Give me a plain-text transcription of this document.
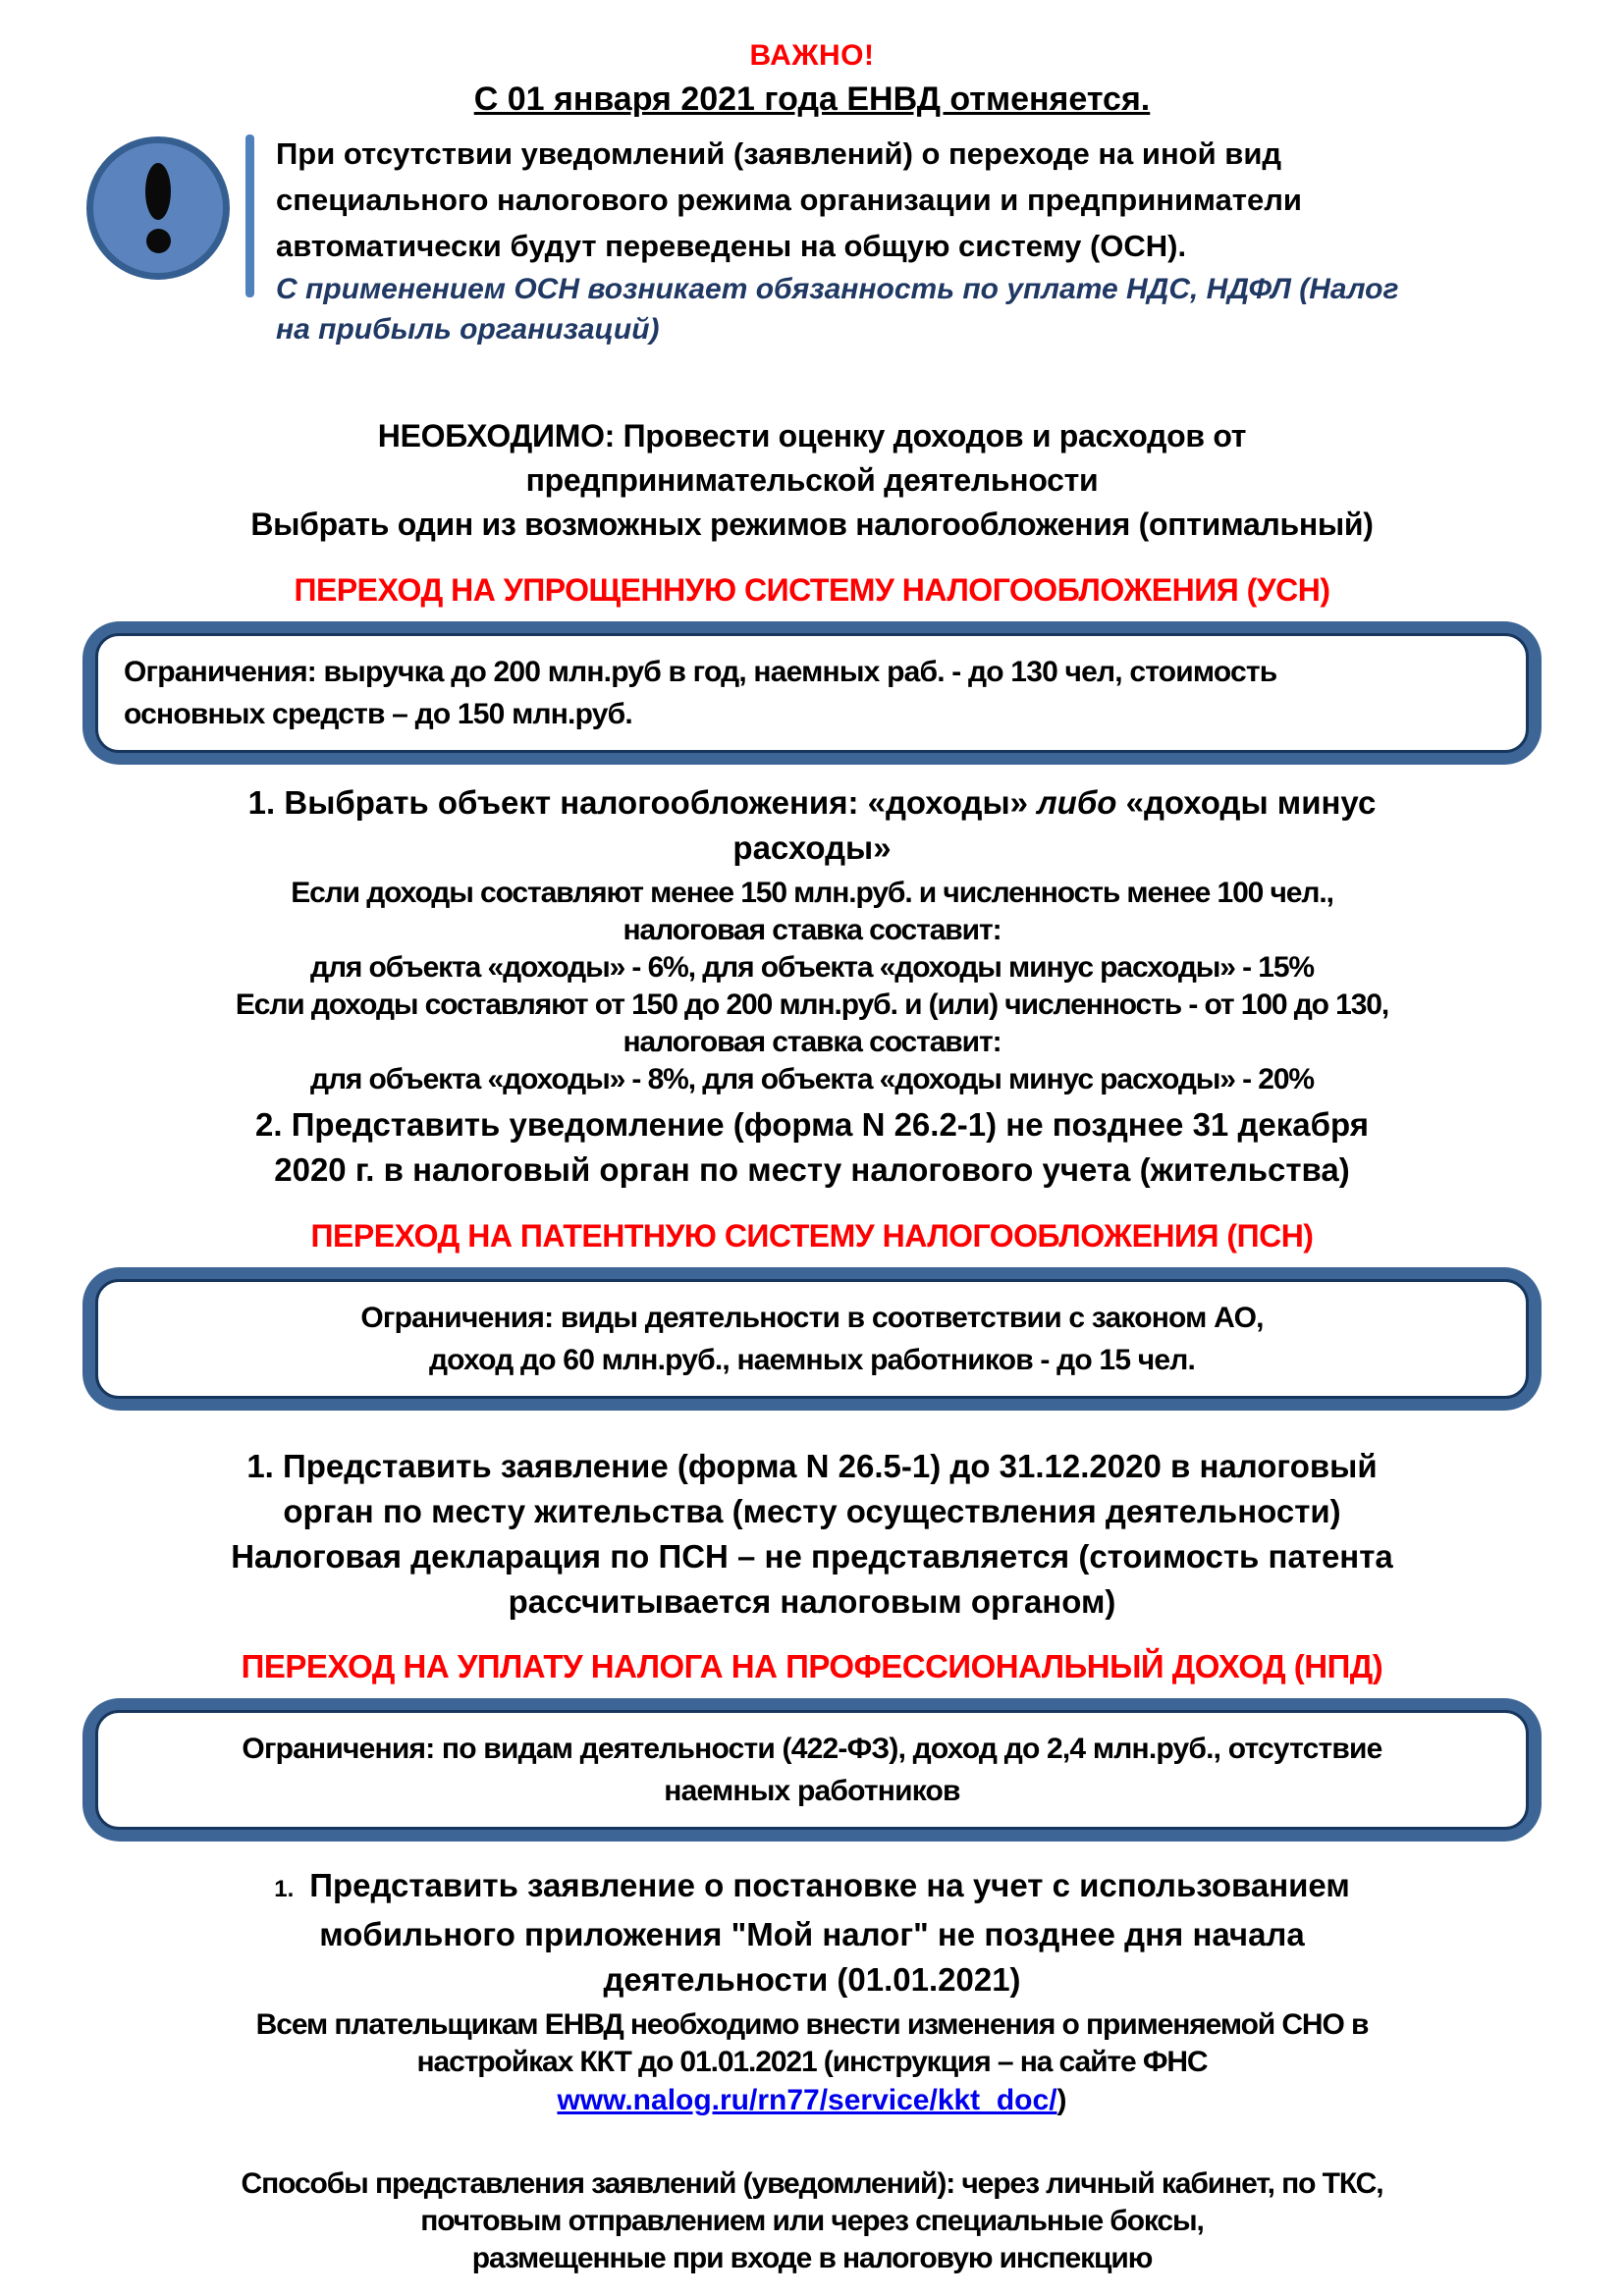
ВАЖНО!
С 01 января 2021 года ЕНВД отменяется.
При отсутствии уведомлений (заявлений) о переходе на иной вид
специального налогового режима организации и предприниматели
автоматически будут переведены на общую систему (ОСН).
С применением ОСН возникает обязанность по уплате НДС, НДФЛ (Налог
на прибыль организаций)
НЕОБХОДИМО: Провести оценку доходов и расходов от
предпринимательской деятельности
Выбрать один из возможных режимов налогообложения (оптимальный)
ПЕРЕХОД НА УПРОЩЕННУЮ СИСТЕМУ НАЛОГООБЛОЖЕНИЯ (УСН)
Ограничения: выручка до 200 млн.руб в год, наемных раб. - до 130 чел, стоимость
основных средств – до 150 млн.руб.
1. Выбрать объект налогообложения: «доходы» либо «доходы минус
расходы»
Если доходы составляют менее 150 млн.руб. и численность менее 100 чел.,
налоговая ставка составит:
для объекта «доходы» - 6%, для объекта «доходы минус расходы» - 15%
Если доходы составляют от 150 до 200 млн.руб. и (или) численность - от 100 до 130,
налоговая ставка составит:
для объекта «доходы» - 8%, для объекта «доходы минус расходы» - 20%
2. Представить уведомление (форма N 26.2-1) не позднее 31 декабря
2020 г. в налоговый орган по месту налогового учета (жительства)
ПЕРЕХОД НА ПАТЕНТНУЮ СИСТЕМУ НАЛОГООБЛОЖЕНИЯ (ПСН)
Ограничения: виды деятельности в соответствии с законом АО,
доход до 60 млн.руб., наемных работников - до 15 чел.
1. Представить заявление (форма N 26.5-1) до 31.12.2020 в налоговый
орган по месту жительства (месту осуществления деятельности)
Налоговая декларация по ПСН – не представляется (стоимость патента
рассчитывается налоговым органом)
ПЕРЕХОД НА УПЛАТУ НАЛОГА НА ПРОФЕССИОНАЛЬНЫЙ ДОХОД (НПД)
Ограничения: по видам деятельности (422-ФЗ), доход до 2,4 млн.руб., отсутствие
наемных работников
1. Представить заявление о постановке на учет с использованием
мобильного приложения "Мой налог" не позднее дня начала
деятельности (01.01.2021)
Всем плательщикам ЕНВД необходимо внести изменения о применяемой СНО в
настройках ККТ до 01.01.2021 (инструкция – на сайте ФНС
www.nalog.ru/rn77/service/kkt_doc/)
Способы представления заявлений (уведомлений): через личный кабинет, по ТКС,
почтовым отправлением или через специальные боксы,
размещенные при входе в налоговую инспекцию
